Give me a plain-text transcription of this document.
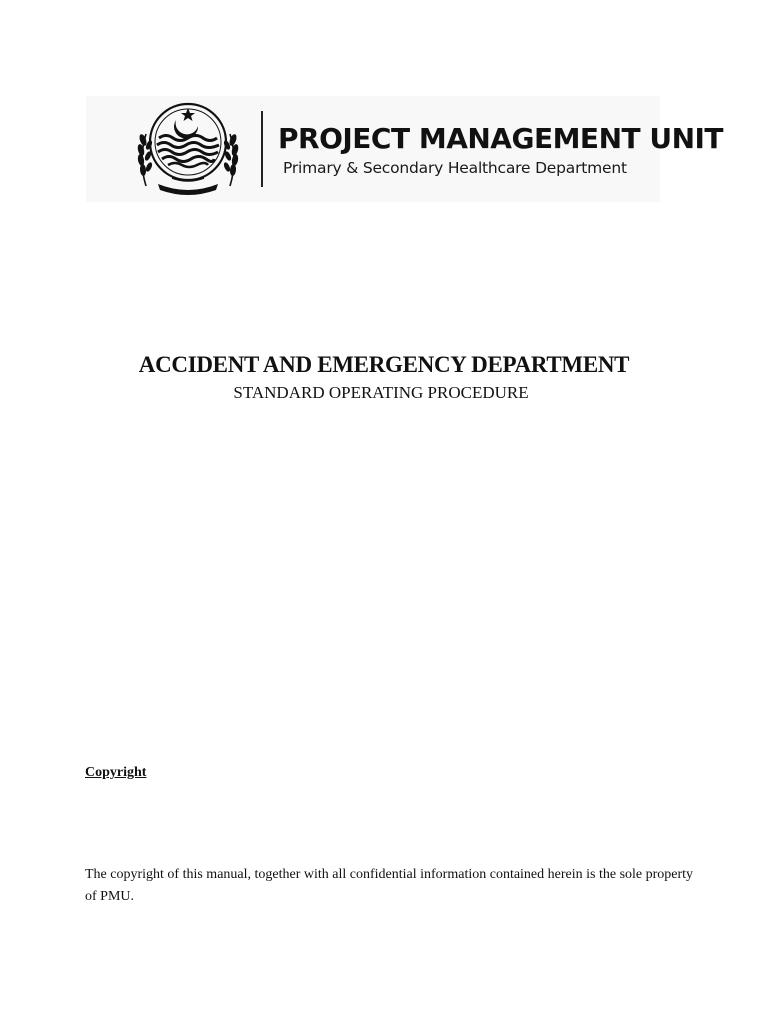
PROJECT MANAGEMENT UNIT

Primary & Secondary Healthcare Department

ACCIDENT AND EMERGENCY DEPARTMENT

STANDARD OPERATING PROCEDURE

Copyright

The copyright of this manual, together with all confidential information contained herein is the sole property of PMU.
